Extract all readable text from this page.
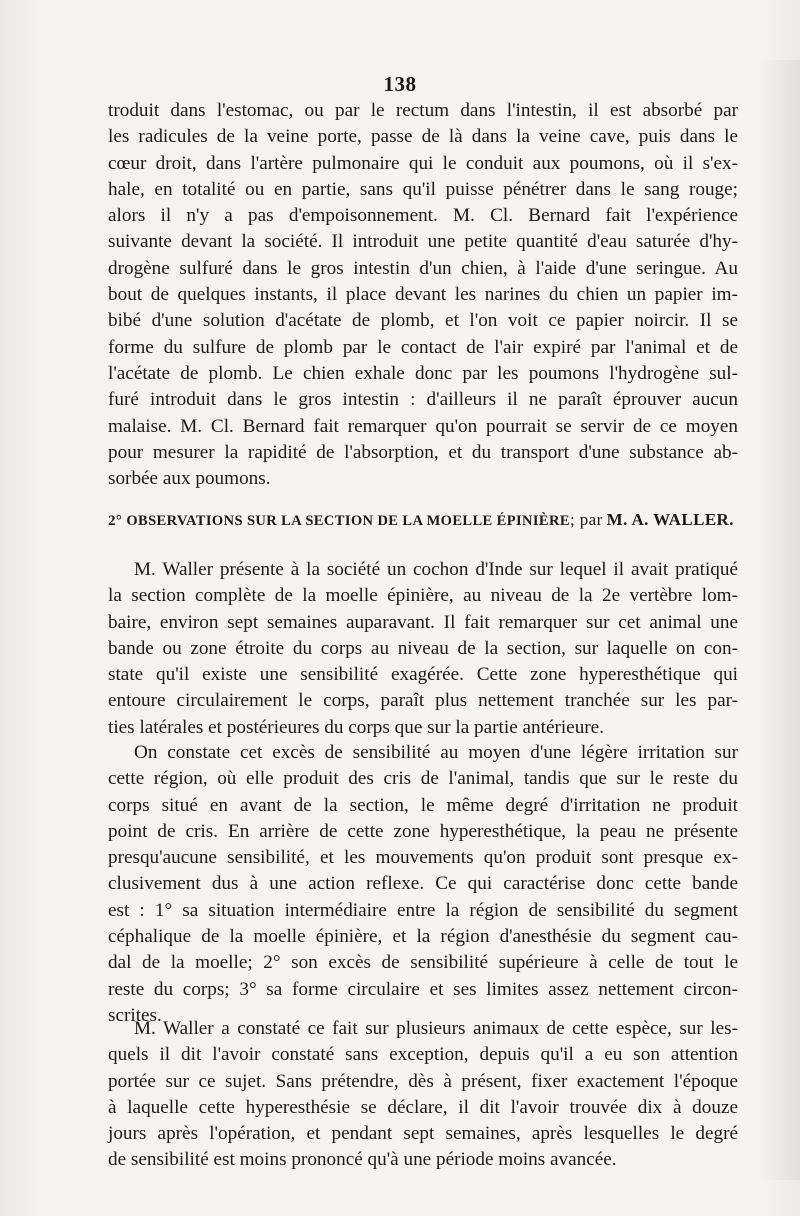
138
troduit dans l'estomac, ou par le rectum dans l'intestin, il est absorbé par
les radicules de la veine porte, passe de là dans la veine cave, puis dans le
cœur droit, dans l'artère pulmonaire qui le conduit aux poumons, où il s'ex-
hale, en totalité ou en partie, sans qu'il puisse pénétrer dans le sang rouge;
alors il n'y a pas d'empoisonnement. M. Cl. Bernard fait l'expérience
suivante devant la société. Il introduit une petite quantité d'eau saturée d'hy-
drogène sulfuré dans le gros intestin d'un chien, à l'aide d'une seringue. Au
bout de quelques instants, il place devant les narines du chien un papier im-
bibé d'une solution d'acétate de plomb, et l'on voit ce papier noircir. Il se
forme du sulfure de plomb par le contact de l'air expiré par l'animal et de
l'acétate de plomb. Le chien exhale donc par les poumons l'hydrogène sul-
furé introduit dans le gros intestin : d'ailleurs il ne paraît éprouver aucun
malaise. M. Cl. Bernard fait remarquer qu'on pourrait se servir de ce moyen
pour mesurer la rapidité de l'absorption, et du transport d'une substance ab-
sorbée aux poumons.
2° OBSERVATIONS SUR LA SECTION DE LA MOELLE ÉPINIÈRE; par M. A. WALLER.
M. Waller présente à la société un cochon d'Inde sur lequel il avait pratiqué
la section complète de la moelle épinière, au niveau de la 2e vertèbre lom-
baire, environ sept semaines auparavant. Il fait remarquer sur cet animal une
bande ou zone étroite du corps au niveau de la section, sur laquelle on con-
state qu'il existe une sensibilité exagérée. Cette zone hyperesthétique qui
entoure circulairement le corps, paraît plus nettement tranchée sur les par-
ties latérales et postérieures du corps que sur la partie antérieure.
On constate cet excès de sensibilité au moyen d'une légère irritation sur
cette région, où elle produit des cris de l'animal, tandis que sur le reste du
corps situé en avant de la section, le même degré d'irritation ne produit
point de cris. En arrière de cette zone hyperesthétique, la peau ne présente
presqu'aucune sensibilité, et les mouvements qu'on produit sont presque ex-
clusivement dus à une action reflexe. Ce qui caractérise donc cette bande
est : 1° sa situation intermédiaire entre la région de sensibilité du segment
céphalique de la moelle épinière, et la région d'anesthésie du segment cau-
dal de la moelle; 2° son excès de sensibilité supérieure à celle de tout le
reste du corps; 3° sa forme circulaire et ses limites assez nettement circon-
scrites.
M. Waller a constaté ce fait sur plusieurs animaux de cette espèce, sur les-
quels il dit l'avoir constaté sans exception, depuis qu'il a eu son attention
portée sur ce sujet. Sans prétendre, dès à présent, fixer exactement l'époque
à laquelle cette hyperesthésie se déclare, il dit l'avoir trouvée dix à douze
jours après l'opération, et pendant sept semaines, après lesquelles le degré
de sensibilité est moins prononcé qu'à une période moins avancée.
